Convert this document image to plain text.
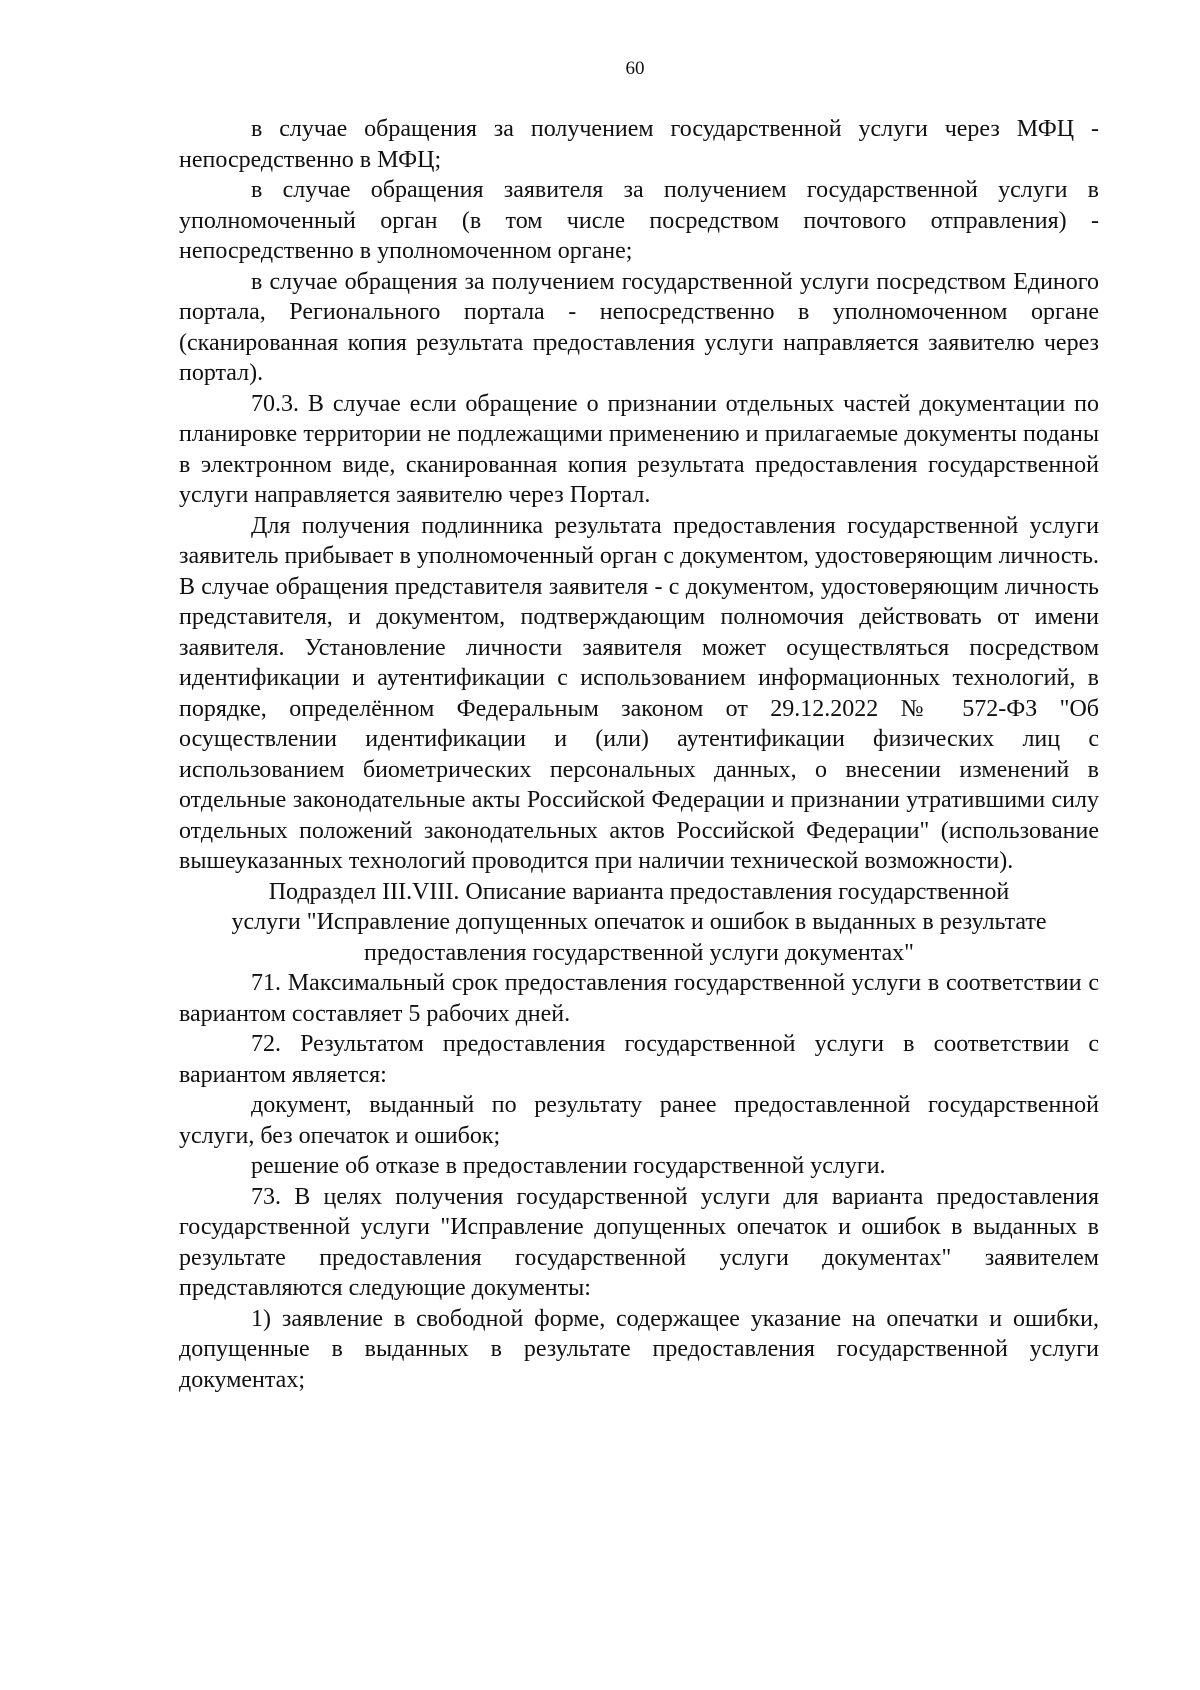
60

в случае обращения за получением государственной услуги через МФЦ - непосредственно в МФЦ;

в случае обращения заявителя за получением государственной услуги в уполномоченный орган (в том числе посредством почтового отправления) - непосредственно в уполномоченном органе;

в случае обращения за получением государственной услуги посредством Единого портала, Регионального портала - непосредственно в уполномоченном органе (сканированная копия результата предоставления услуги направляется заявителю через портал).

70.3. В случае если обращение о признании отдельных частей документации по планировке территории не подлежащими применению и прилагаемые документы поданы в электронном виде, сканированная копия результата предоставления государственной услуги направляется заявителю через Портал.

Для получения подлинника результата предоставления государственной услуги заявитель прибывает в уполномоченный орган с документом, удостоверяющим личность. В случае обращения представителя заявителя - с документом, удостоверяющим личность представителя, и документом, подтверждающим полномочия действовать от имени заявителя. Установление личности заявителя может осуществляться посредством идентификации и аутентификации с использованием информационных технологий, в порядке, определённом Федеральным законом от 29.12.2022 № 572-ФЗ "Об осуществлении идентификации и (или) аутентификации физических лиц с использованием биометрических персональных данных, о внесении изменений в отдельные законодательные акты Российской Федерации и признании утратившими силу отдельных положений законодательных актов Российской Федерации" (использование вышеуказанных технологий проводится при наличии технической возможности).

Подраздел III.VIII. Описание варианта предоставления государственной
услуги "Исправление допущенных опечаток и ошибок в выданных в результате
предоставления государственной услуги документах"

71. Максимальный срок предоставления государственной услуги в соответствии с вариантом составляет 5 рабочих дней.

72. Результатом предоставления государственной услуги в соответствии с вариантом является:

документ, выданный по результату ранее предоставленной государственной услуги, без опечаток и ошибок;

решение об отказе в предоставлении государственной услуги.

73. В целях получения государственной услуги для варианта предоставления государственной услуги "Исправление допущенных опечаток и ошибок в выданных в результате предоставления государственной услуги документах" заявителем представляются следующие документы:

1) заявление в свободной форме, содержащее указание на опечатки и ошибки, допущенные в выданных в результате предоставления государственной услуги документах;
